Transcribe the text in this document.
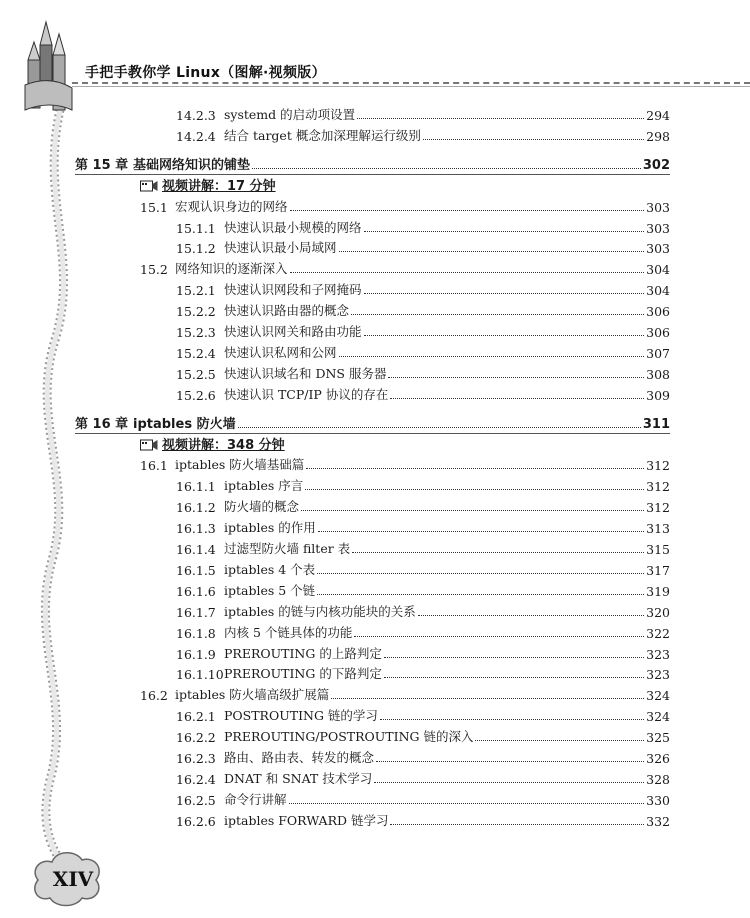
手把手教你学 Linux（图解·视频版）
14.2.3 systemd 的启动项设置	294
14.2.4 结合 target 概念加深理解运行级别	298
第 15 章 基础网络知识的铺垫	302
视频讲解：17 分钟
15.1 宏观认识身边的网络	303
15.1.1 快速认识最小规模的网络	303
15.1.2 快速认识最小局域网	303
15.2 网络知识的逐渐深入	304
15.2.1 快速认识网段和子网掩码	304
15.2.2 快速认识路由器的概念	306
15.2.3 快速认识网关和路由功能	306
15.2.4 快速认识私网和公网	307
15.2.5 快速认识域名和 DNS 服务器	308
15.2.6 快速认识 TCP/IP 协议的存在	309
第 16 章 iptables 防火墙	311
视频讲解：348 分钟
16.1 iptables 防火墙基础篇	312
16.1.1 iptables 序言	312
16.1.2 防火墙的概念	312
16.1.3 iptables 的作用	313
16.1.4 过滤型防火墙 filter 表	315
16.1.5 iptables 4 个表	317
16.1.6 iptables 5 个链	319
16.1.7 iptables 的链与内核功能块的关系	320
16.1.8 内核 5 个链具体的功能	322
16.1.9 PREROUTING 的上路判定	323
16.1.10 PREROUTING 的下路判定	323
16.2 iptables 防火墙高级扩展篇	324
16.2.1 POSTROUTING 链的学习	324
16.2.2 PREROUTING/POSTROUTING 链的深入	325
16.2.3 路由、路由表、转发的概念	326
16.2.4 DNAT 和 SNAT 技术学习	328
16.2.5 命令行讲解	330
16.2.6 iptables FORWARD 链学习	332
XIV
